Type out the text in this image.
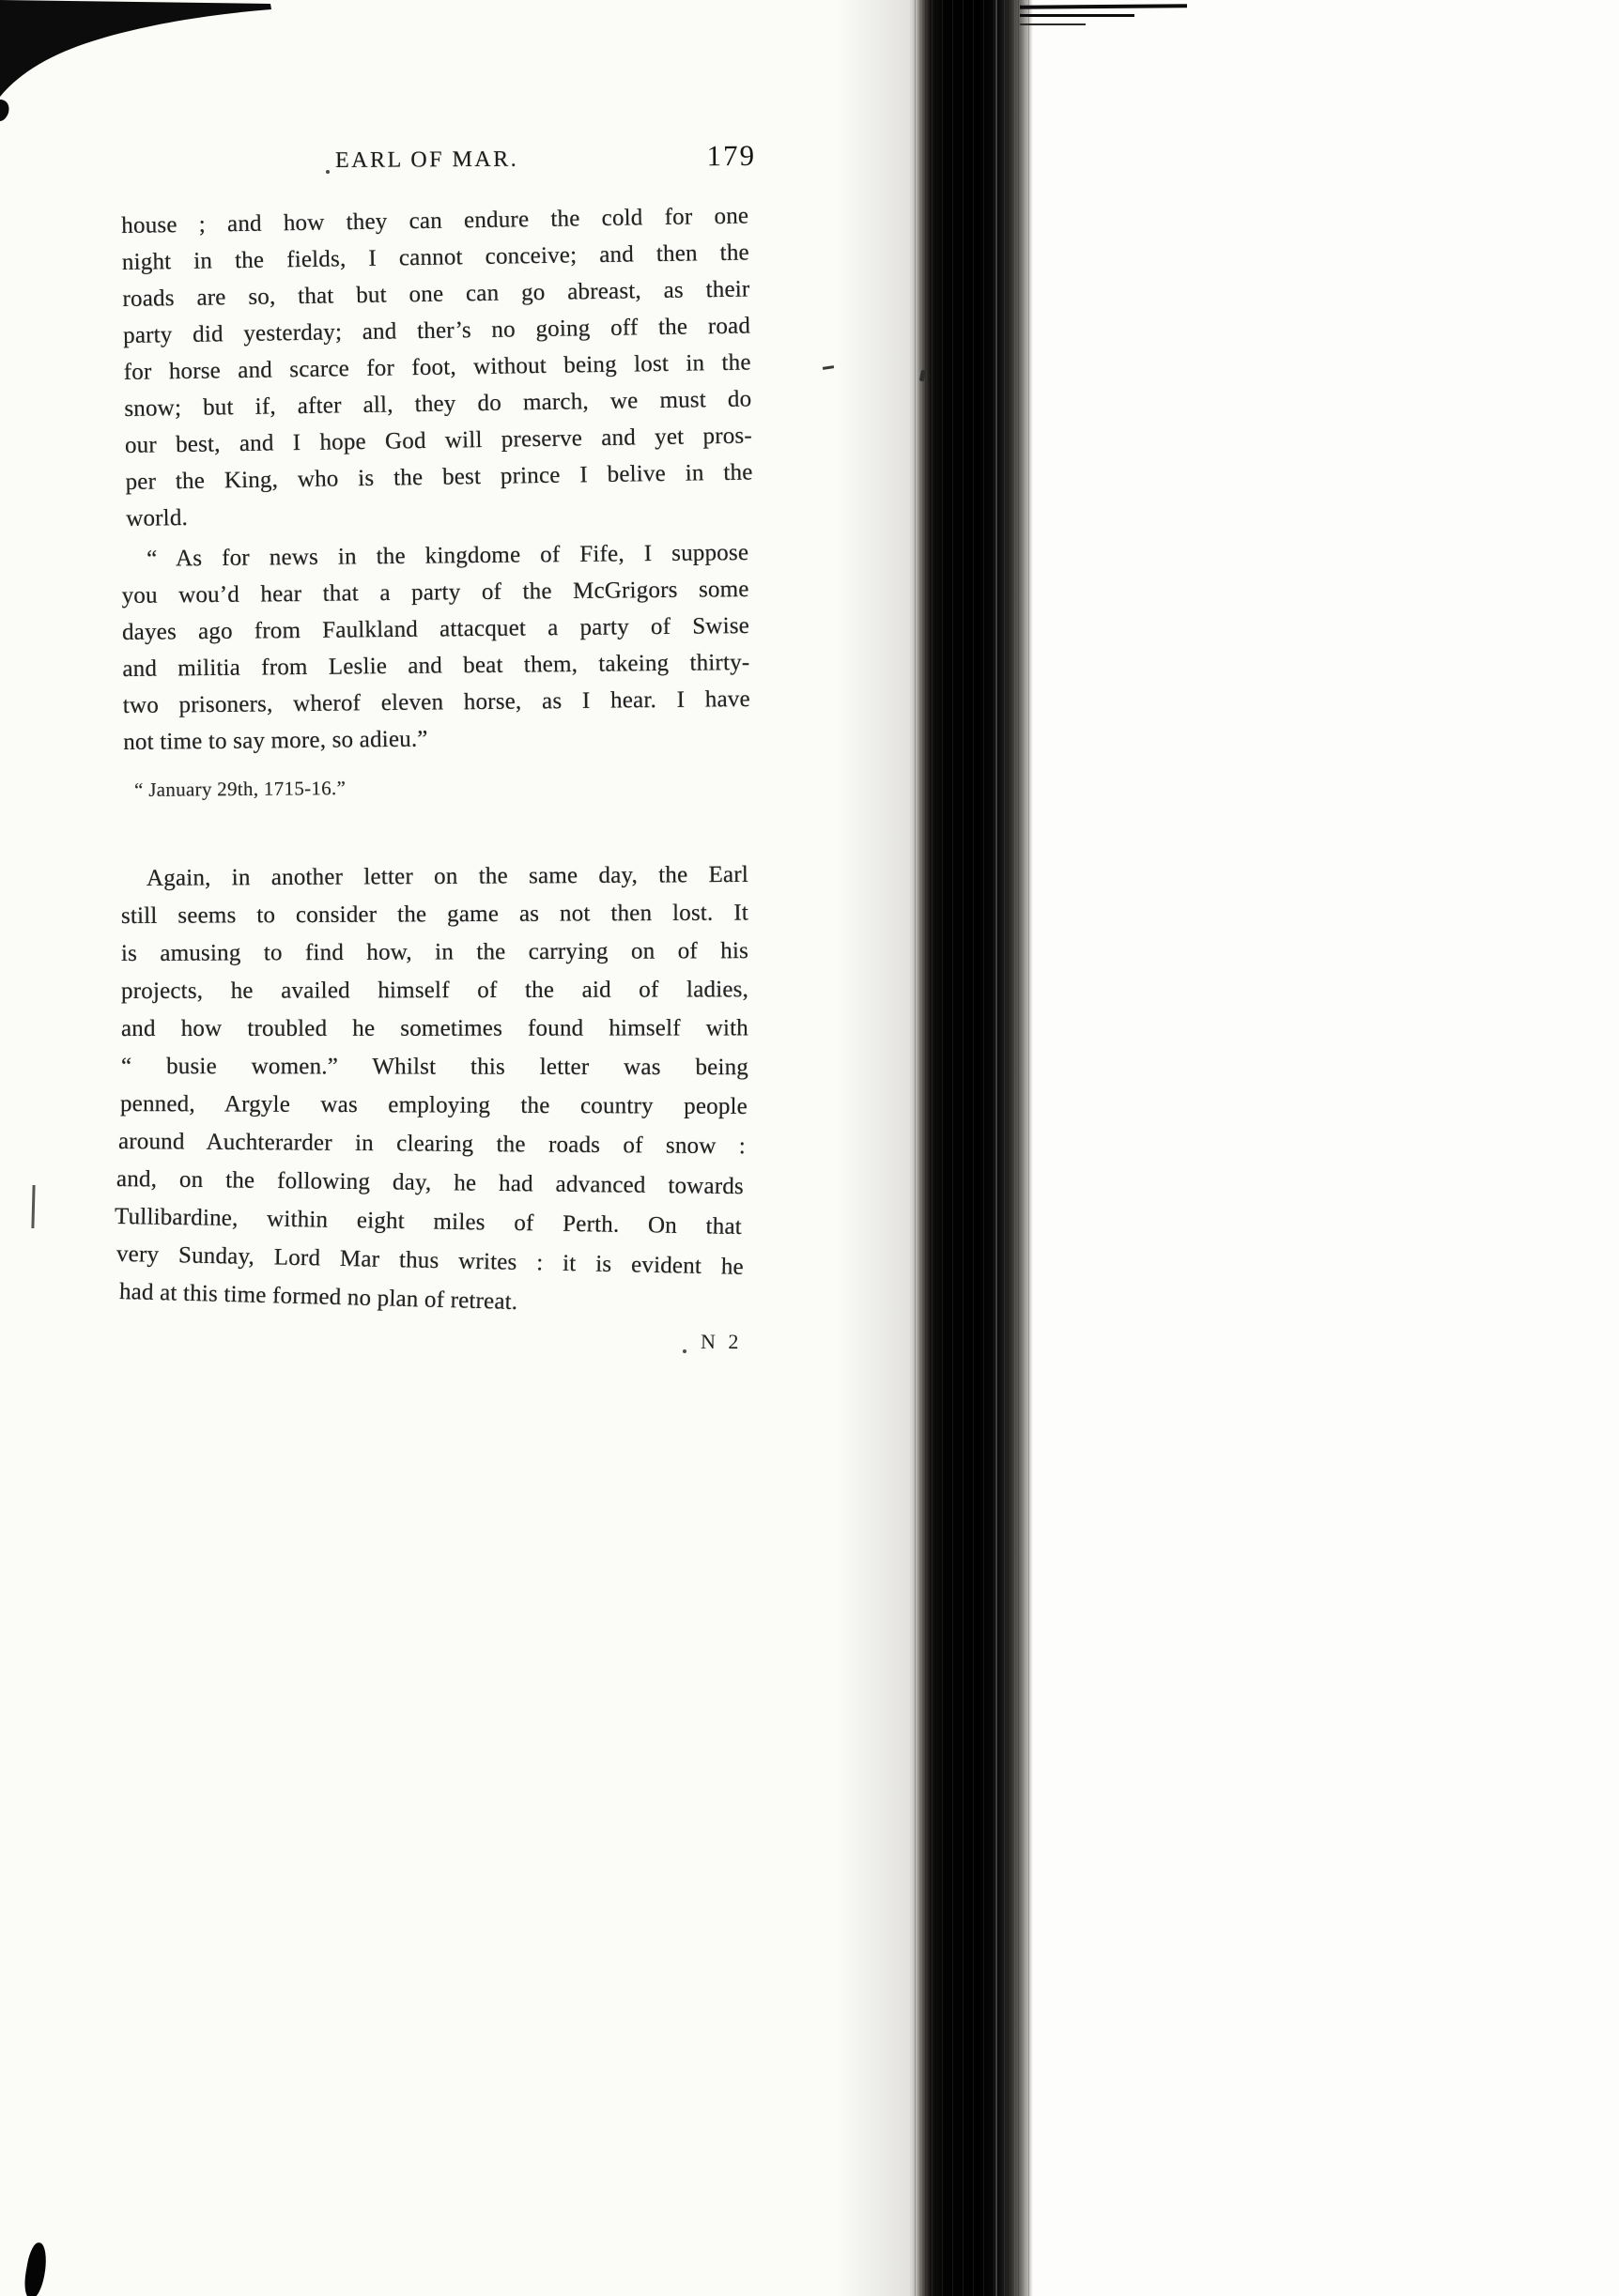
EARL OF MAR.	179
house ; and how they can endure the cold for one
night in the fields, I cannot conceive; and then the
roads are so, that but one can go abreast, as their
party did yesterday; and ther’s no going off the road
for horse and scarce for foot, without being lost in the
snow; but if, after all, they do march, we must do
our best, and I hope God will preserve and yet pros-
per the King, who is the best prince I belive in the
world.
“ As for news in the kingdome of Fife, I suppose
you wou’d hear that a party of the McGrigors some
dayes ago from Faulkland attacquet a party of Swise
and militia from Leslie and beat them, takeing thirty-
two prisoners, wherof eleven horse, as I hear. I have
not time to say more, so adieu.”
“ January 29th, 1715-16.”
Again, in another letter on the same day, the Earl
still seems to consider the game as not then lost. It
is amusing to find how, in the carrying on of his
projects, he availed himself of the aid of ladies,
and how troubled he sometimes found himself with
“ busie women.” Whilst this letter was being
penned, Argyle was employing the country people
around Auchterarder in clearing the roads of snow :
and, on the following day, he had advanced towards
Tullibardine, within eight miles of Perth. On that
very Sunday, Lord Mar thus writes : it is evident he
had at this time formed no plan of retreat.
N 2
